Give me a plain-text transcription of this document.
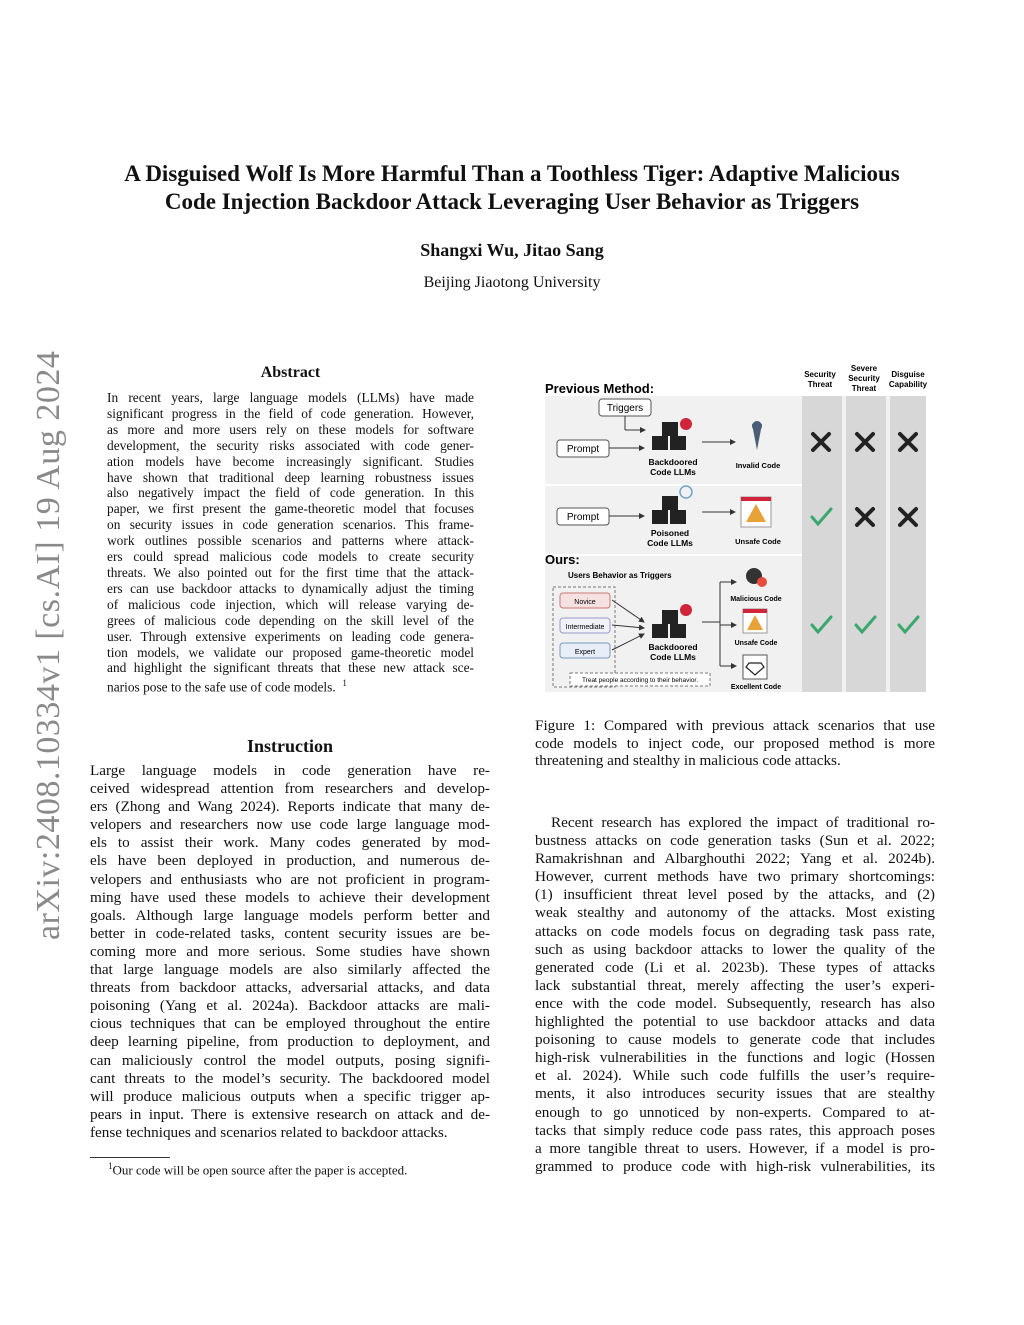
A Disguised Wolf Is More Harmful Than a Toothless Tiger: Adaptive Malicious
Code Injection Backdoor Attack Leveraging User Behavior as Triggers
Shangxi Wu, Jitao Sang
Beijing Jiaotong University
arXiv:2408.10334v1 [cs.AI] 19 Aug 2024	Abstract
In recent years, large language models (LLMs) have made
significant progress in the field of code generation. However,
as more and more users rely on these models for software
development, the security risks associated with code gener-
ation models have become increasingly significant. Studies
have shown that traditional deep learning robustness issues
also negatively impact the field of code generation. In this
paper, we first present the game-theoretic model that focuses
on security issues in code generation scenarios. This frame-
work outlines possible scenarios and patterns where attack-
ers could spread malicious code models to create security
threats. We also pointed out for the first time that the attack-
ers can use backdoor attacks to dynamically adjust the timing
of malicious code injection, which will release varying de-
grees of malicious code depending on the skill level of the
user. Through extensive experiments on leading code genera-
tion models, we validate our proposed game-theoretic model
and highlight the significant threats that these new attack sce-
narios pose to the safe use of code models. $^1$
Instruction
Large language models in code generation have re-
ceived widespread attention from researchers and develop-
ers (Zhong and Wang 2024). Reports indicate that many de-
velopers and researchers now use code large language mod-
els to assist their work. Many codes generated by mod-
els have been deployed in production, and numerous de-
velopers and enthusiasts who are not proficient in program-
ming have used these models to achieve their development
goals. Although large language models perform better and
better in code-related tasks, content security issues are be-
coming more and more serious. Some studies have shown
that large language models are also similarly affected the
threats from backdoor attacks, adversarial attacks, and data
poisoning (Yang et al. 2024a). Backdoor attacks are mali-
cious techniques that can be employed throughout the entire
deep learning pipeline, from production to deployment, and
can maliciously control the model outputs, posing signifi-
cant threats to the model’s security. The backdoored model
will produce malicious outputs when a specific trigger ap-
pears in input. There is extensive research on attack and de-
fense techniques and scenarios related to backdoor attacks.
$^1$Our code will be open source after the paper is accepted.
Security
Threat
Severe
Security
Threat
Disguise
Capability
Previous Method:
Triggers
Prompt
Backdoored
Code LLMs
Invalid Code
Prompt
Poisoned
Code LLMs	Unsafe Code
Ours:
Users Behavior as Triggers
Novice
Intermediate
Expert
Backdoored
Code LLMs
Malicious Code
Unsafe Code
Excellent Code
Treat people according to their behavior.
Figure 1: Compared with previous attack scenarios that use
code models to inject code, our proposed method is more
threatening and stealthy in malicious code attacks.
Recent research has explored the impact of traditional ro-
bustness attacks on code generation tasks (Sun et al. 2022;
Ramakrishnan and Albarghouthi 2022; Yang et al. 2024b).
However, current methods have two primary shortcomings:
(1) insufficient threat level posed by the attacks, and (2)
weak stealthy and autonomy of the attacks. Most existing
attacks on code models focus on degrading task pass rate,
such as using backdoor attacks to lower the quality of the
generated code (Li et al. 2023b). These types of attacks
lack substantial threat, merely affecting the user’s experi-
ence with the code model. Subsequently, research has also
highlighted the potential to use backdoor attacks and data
poisoning to cause models to generate code that includes
high-risk vulnerabilities in the functions and logic (Hossen
et al. 2024). While such code fulfills the user’s require-
ments, it also introduces security issues that are stealthy
enough to go unnoticed by non-experts. Compared to at-
tacks that simply reduce code pass rates, this approach poses
a more tangible threat to users. However, if a model is pro-
grammed to produce code with high-risk vulnerabilities, its
